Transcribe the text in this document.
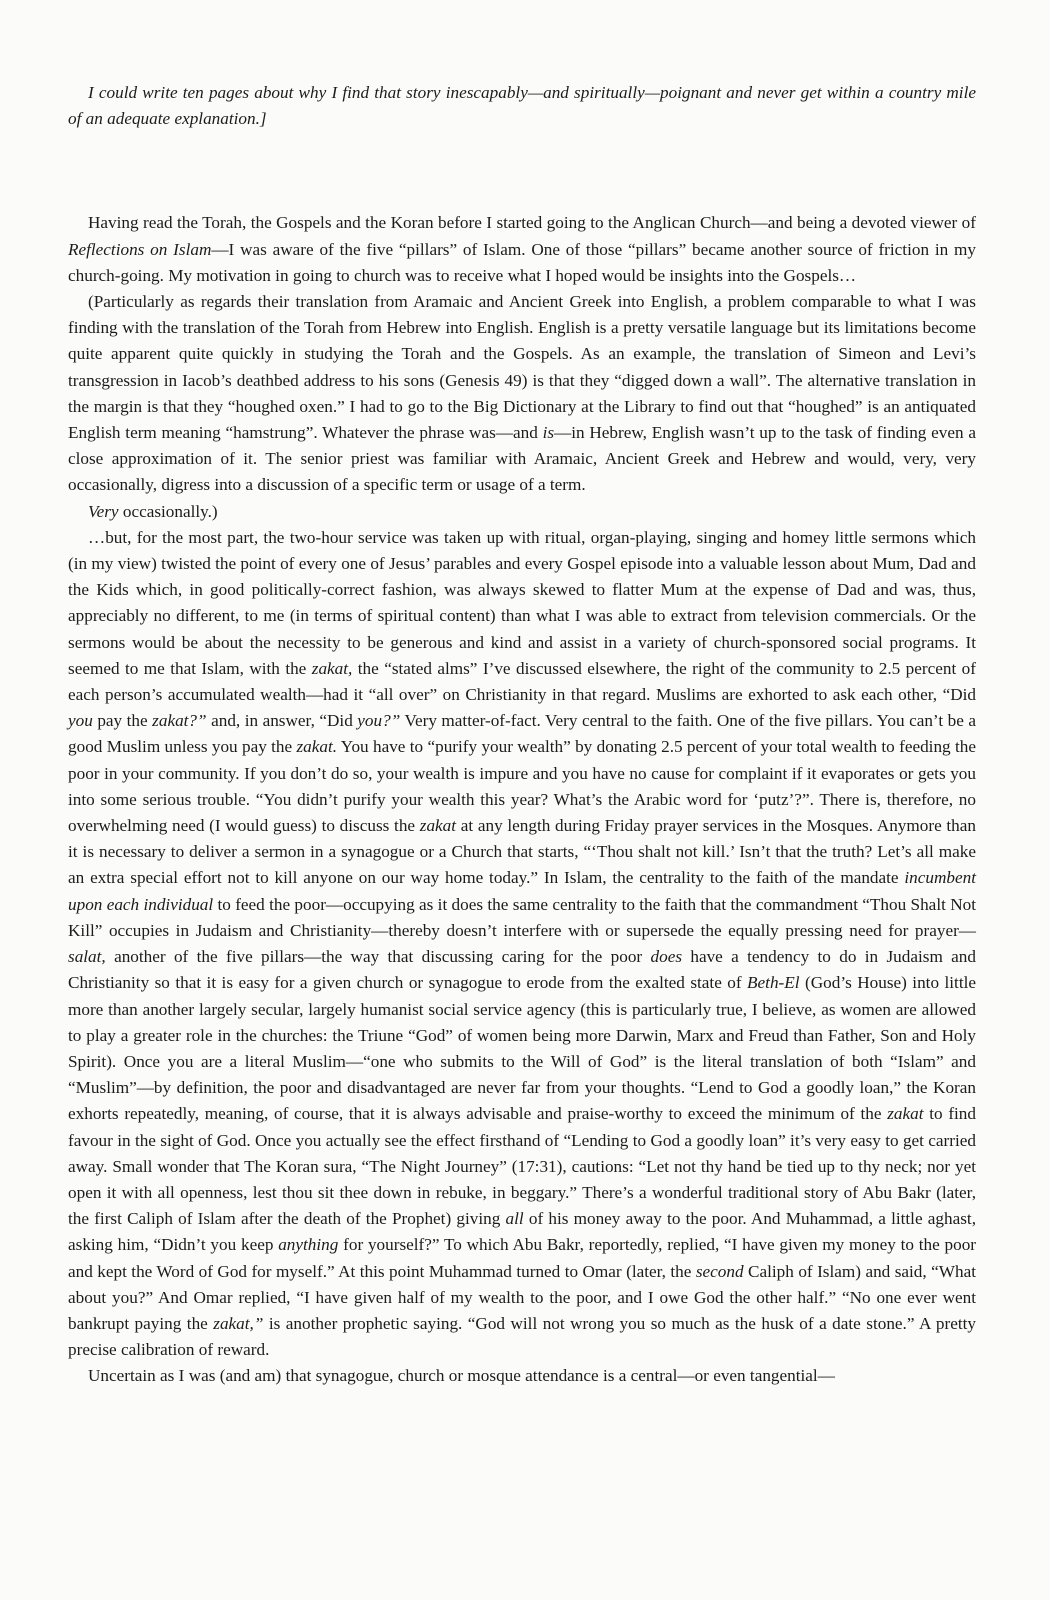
I could write ten pages about why I find that story inescapably—and spiritually—poignant and never get within a country mile of an adequate explanation.]

Having read the Torah, the Gospels and the Koran before I started going to the Anglican Church—and being a devoted viewer of Reflections on Islam—I was aware of the five “pillars” of Islam. One of those “pillars” became another source of friction in my church-going. My motivation in going to church was to receive what I hoped would be insights into the Gospels…

(Particularly as regards their translation from Aramaic and Ancient Greek into English, a problem comparable to what I was finding with the translation of the Torah from Hebrew into English. English is a pretty versatile language but its limitations become quite apparent quite quickly in studying the Torah and the Gospels. As an example, the translation of Simeon and Levi’s transgression in Iacob’s deathbed address to his sons (Genesis 49) is that they “digged down a wall”. The alternative translation in the margin is that they “houghed oxen.” I had to go to the Big Dictionary at the Library to find out that “houghed” is an antiquated English term meaning “hamstrung”. Whatever the phrase was—and is—in Hebrew, English wasn’t up to the task of finding even a close approximation of it. The senior priest was familiar with Aramaic, Ancient Greek and Hebrew and would, very, very occasionally, digress into a discussion of a specific term or usage of a term.

Very occasionally.)

…but, for the most part, the two-hour service was taken up with ritual, organ-playing, singing and homey little sermons which (in my view) twisted the point of every one of Jesus’ parables and every Gospel episode into a valuable lesson about Mum, Dad and the Kids which, in good politically-correct fashion, was always skewed to flatter Mum at the expense of Dad and was, thus, appreciably no different, to me (in terms of spiritual content) than what I was able to extract from television commercials. Or the sermons would be about the necessity to be generous and kind and assist in a variety of church-sponsored social programs. It seemed to me that Islam, with the zakat, the “stated alms” I’ve discussed elsewhere, the right of the community to 2.5 percent of each person’s accumulated wealth—had it “all over” on Christianity in that regard. Muslims are exhorted to ask each other, “Did you pay the zakat?” and, in answer, “Did you?” Very matter-of-fact. Very central to the faith. One of the five pillars. You can’t be a good Muslim unless you pay the zakat. You have to “purify your wealth” by donating 2.5 percent of your total wealth to feeding the poor in your community. If you don’t do so, your wealth is impure and you have no cause for complaint if it evaporates or gets you into some serious trouble. “You didn’t purify your wealth this year? What’s the Arabic word for ‘putz’?”. There is, therefore, no overwhelming need (I would guess) to discuss the zakat at any length during Friday prayer services in the Mosques. Anymore than it is necessary to deliver a sermon in a synagogue or a Church that starts, “‘Thou shalt not kill.’ Isn’t that the truth? Let’s all make an extra special effort not to kill anyone on our way home today.” In Islam, the centrality to the faith of the mandate incumbent upon each individual to feed the poor—occupying as it does the same centrality to the faith that the commandment “Thou Shalt Not Kill” occupies in Judaism and Christianity—thereby doesn’t interfere with or supersede the equally pressing need for prayer—salat, another of the five pillars—the way that discussing caring for the poor does have a tendency to do in Judaism and Christianity so that it is easy for a given church or synagogue to erode from the exalted state of Beth-El (God’s House) into little more than another largely secular, largely humanist social service agency (this is particularly true, I believe, as women are allowed to play a greater role in the churches: the Triune “God” of women being more Darwin, Marx and Freud than Father, Son and Holy Spirit). Once you are a literal Muslim—“one who submits to the Will of God” is the literal translation of both “Islam” and “Muslim”—by definition, the poor and disadvantaged are never far from your thoughts. “Lend to God a goodly loan,” the Koran exhorts repeatedly, meaning, of course, that it is always advisable and praise-worthy to exceed the minimum of the zakat to find favour in the sight of God. Once you actually see the effect firsthand of “Lending to God a goodly loan” it’s very easy to get carried away. Small wonder that The Koran sura, “The Night Journey” (17:31), cautions: “Let not thy hand be tied up to thy neck; nor yet open it with all openness, lest thou sit thee down in rebuke, in beggary.” There’s a wonderful traditional story of Abu Bakr (later, the first Caliph of Islam after the death of the Prophet) giving all of his money away to the poor. And Muhammad, a little aghast, asking him, “Didn’t you keep anything for yourself?” To which Abu Bakr, reportedly, replied, “I have given my money to the poor and kept the Word of God for myself.” At this point Muhammad turned to Omar (later, the second Caliph of Islam) and said, “What about you?” And Omar replied, “I have given half of my wealth to the poor, and I owe God the other half.” “No one ever went bankrupt paying the zakat,” is another prophetic saying. “God will not wrong you so much as the husk of a date stone.” A pretty precise calibration of reward.

Uncertain as I was (and am) that synagogue, church or mosque attendance is a central—or even tangential—
